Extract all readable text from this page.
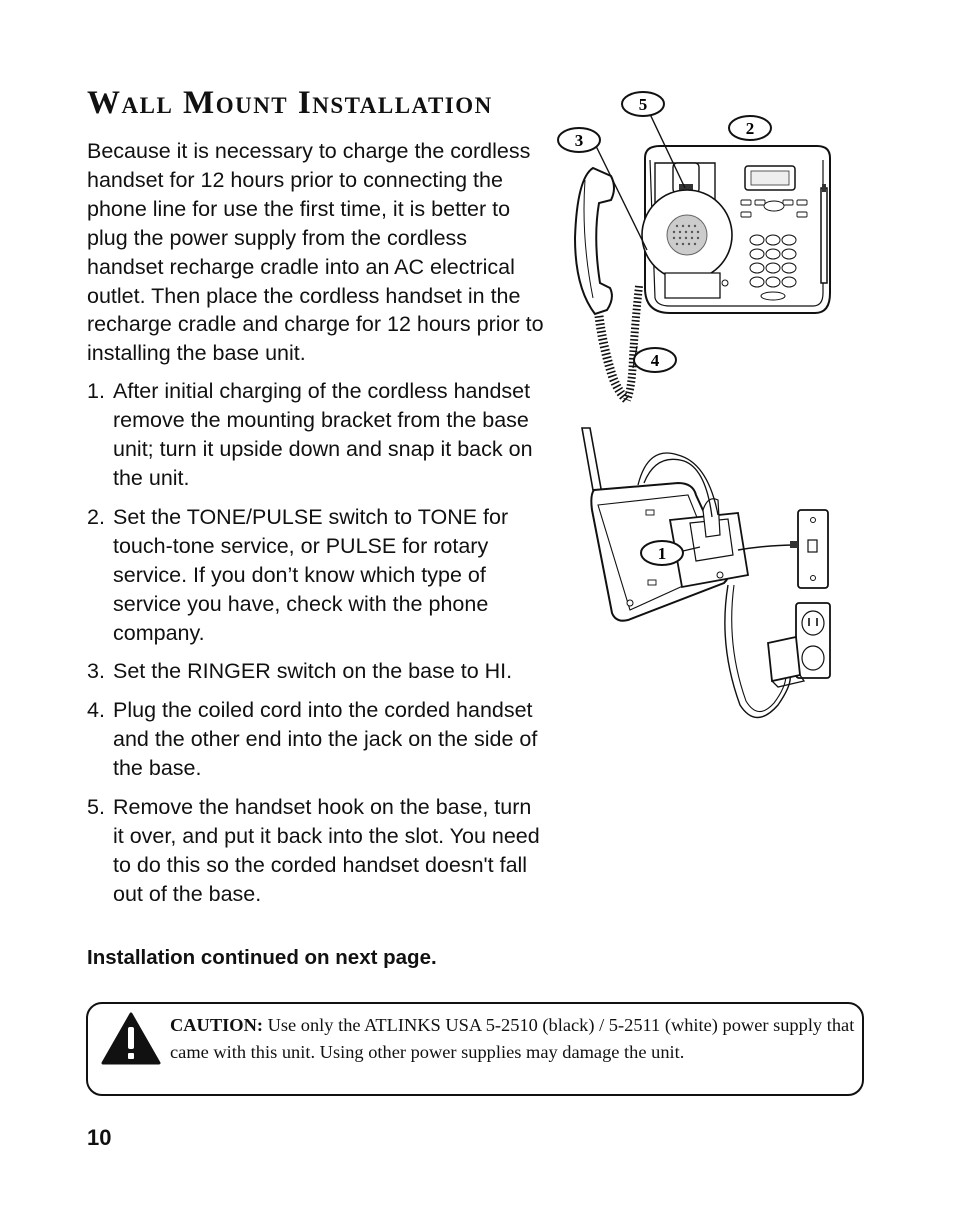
Wall Mount Installation

Because it is necessary to charge the cordless handset for 12 hours prior to connecting the phone line for use the first time, it is better to plug the power supply from the cordless handset recharge cradle into an AC electrical outlet. Then place the cordless handset in the recharge cradle and charge for 12 hours prior to installing the base unit.

1. After initial charging of the cordless handset remove the mounting bracket from the base unit; turn it upside down and snap it back on the unit.
2. Set the TONE/PULSE switch to TONE for touch-tone service, or PULSE for rotary service. If you don’t know which type of service you have, check with the phone company.
3. Set the RINGER switch on the base to HI.
4. Plug the coiled cord into the corded handset and the other end into the jack on the side of the base.
5. Remove the handset hook on the base, turn it over, and put it back into the slot. You need to do this so the corded handset doesn't fall out of the base.
Installation continued on next page.
5
2
3
4
1
CAUTION: Use only the ATLINKS USA 5-2510 (black) / 5-2511 (white) power supply that came with this unit. Using other power supplies may damage the unit.
10
